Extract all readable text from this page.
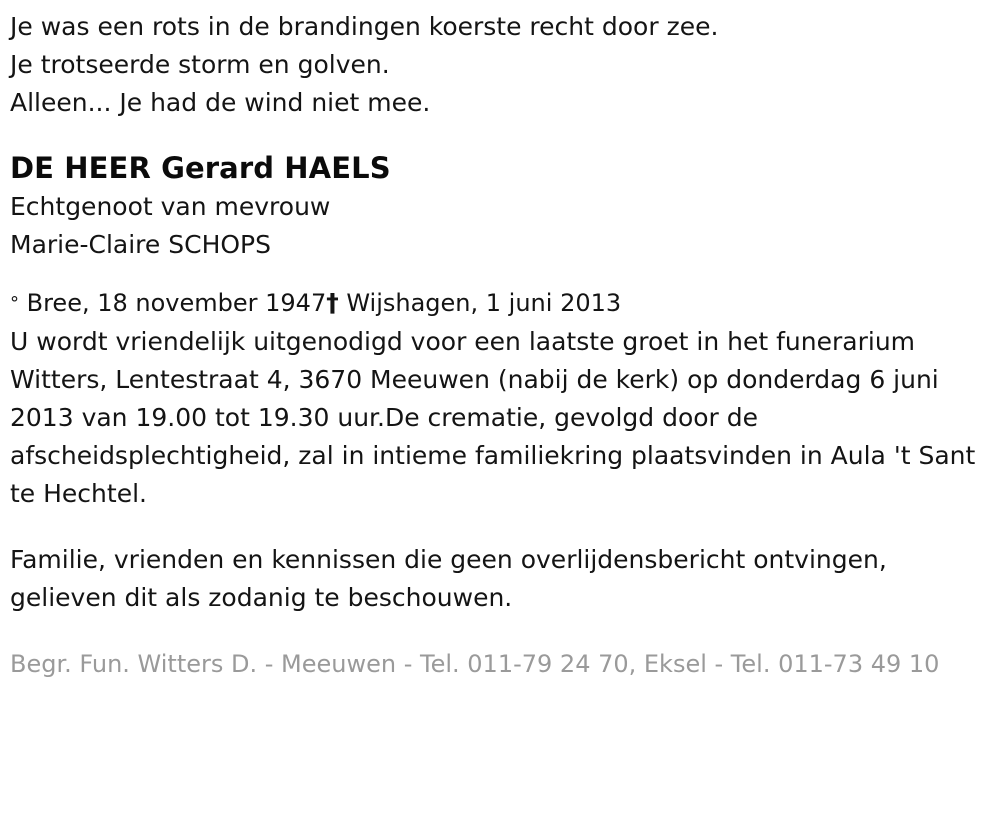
Je was een rots in de brandingen koerste recht door zee.
Je trotseerde storm en golven.
Alleen... Je had de wind niet mee.
DE HEER Gerard HAELS
Echtgenoot van mevrouw
Marie-Claire SCHOPS
° Bree, 18 november 1947† Wijshagen, 1 juni 2013
U wordt vriendelijk uitgenodigd voor een laatste groet in het funerarium Witters, Lentestraat 4, 3670 Meeuwen (nabij de kerk) op donderdag 6 juni 2013 van 19.00 tot 19.30 uur.De crematie, gevolgd door de afscheidsplechtigheid, zal in intieme familiekring plaatsvinden in Aula 't Sant te Hechtel.
Familie, vrienden en kennissen die geen overlijdensbericht ontvingen, gelieven dit als zodanig te beschouwen.
Begr. Fun. Witters D. - Meeuwen - Tel. 011-79 24 70, Eksel - Tel. 011-73 49 10
